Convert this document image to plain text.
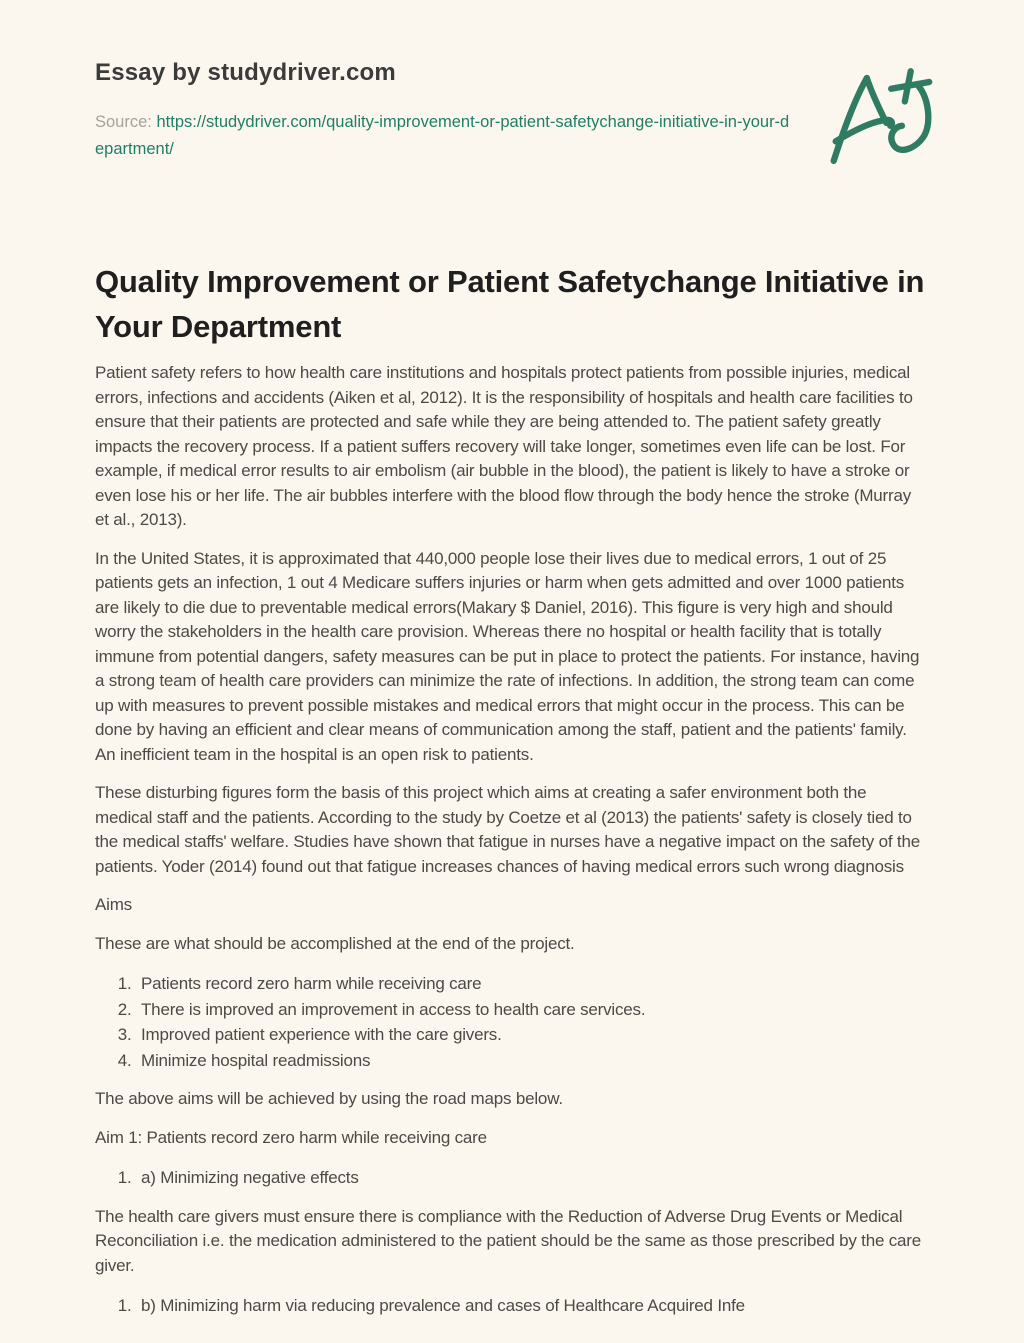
Essay by studydriver.com
Source: https://studydriver.com/quality-improvement-or-patient-safetychange-initiative-in-your-department/
Quality Improvement or Patient Safetychange Initiative in Your Department

Patient safety refers to how health care institutions and hospitals protect patients from possible injuries, medical errors, infections and accidents (Aiken et al, 2012). It is the responsibility of hospitals and health care facilities to ensure that their patients are protected and safe while they are being attended to. The patient safety greatly impacts the recovery process. If a patient suffers recovery will take longer, sometimes even life can be lost. For example, if medical error results to air embolism (air bubble in the blood), the patient is likely to have a stroke or even lose his or her life. The air bubbles interfere with the blood flow through the body hence the stroke (Murray et al., 2013).

In the United States, it is approximated that 440,000 people lose their lives due to medical errors, 1 out of 25 patients gets an infection, 1 out 4 Medicare suffers injuries or harm when gets admitted and over 1000 patients are likely to die due to preventable medical errors(Makary $ Daniel, 2016). This figure is very high and should worry the stakeholders in the health care provision. Whereas there no hospital or health facility that is totally immune from potential dangers, safety measures can be put in place to protect the patients. For instance, having a strong team of health care providers can minimize the rate of infections. In addition, the strong team can come up with measures to prevent possible mistakes and medical errors that might occur in the process. This can be done by having an efficient and clear means of communication among the staff, patient and the patients' family. An inefficient team in the hospital is an open risk to patients.

These disturbing figures form the basis of this project which aims at creating a safer environment both the medical staff and the patients. According to the study by Coetze et al (2013) the patients' safety is closely tied to the medical staffs' welfare. Studies have shown that fatigue in nurses have a negative impact on the safety of the patients. Yoder (2014) found out that fatigue increases chances of having medical errors such wrong diagnosis

Aims

These are what should be accomplished at the end of the project.

1. Patients record zero harm while receiving care
2. There is improved an improvement in access to health care services.
3. Improved patient experience with the care givers.
4. Minimize hospital readmissions

The above aims will be achieved by using the road maps below.

Aim 1: Patients record zero harm while receiving care

1. a) Minimizing negative effects

The health care givers must ensure there is compliance with the Reduction of Adverse Drug Events or Medical Reconciliation i.e. the medication administered to the patient should be the same as those prescribed by the care giver.

1. b) Minimizing harm via reducing prevalence and cases of Healthcare Acquired Infe
